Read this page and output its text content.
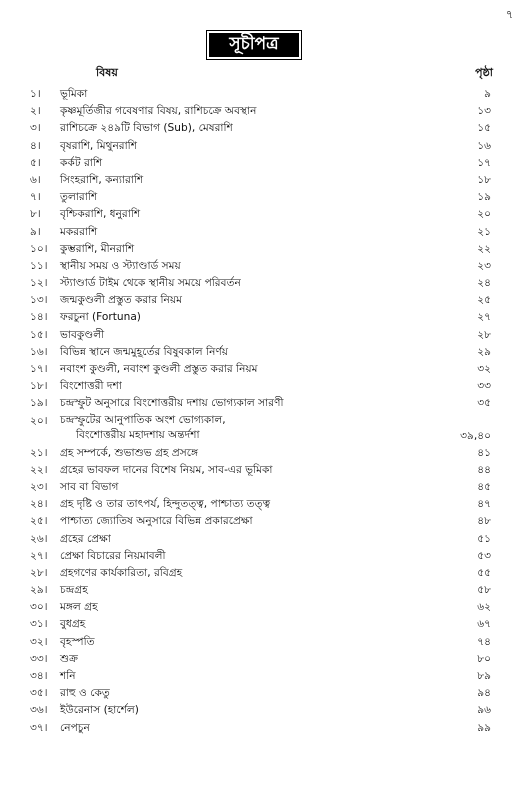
৭
সূচীপত্র
বিষয়	পৃষ্ঠা
১।	ভূমিকা	৯
২।	কৃষ্ণমূর্তিজীর গবেষণার বিষয়, রাশিচক্রে অবস্থান	১৩
৩।	রাশিচক্রে ২৪৯টি বিভাগ (Sub), মেষরাশি	১৫
৪।	বৃষরাশি, মিথুনরাশি	১৬
৫।	কর্কট রাশি	১৭
৬।	সিংহরাশি, কন্যারাশি	১৮
৭।	তুলারাশি	১৯
৮।	বৃশ্চিকরাশি, ধনুরাশি	২০
৯।	মকররাশি	২১
১০।	কুম্ভরাশি, মীনরাশি	২২
১১।	স্থানীয় সময় ও স্ট্যাণ্ডার্ড সময়	২৩
১২।	স্ট্যাণ্ডার্ড টাইম থেকে স্থানীয় সময়ে পরিবর্তন	২৪
১৩।	জন্মকুণ্ডলী প্রস্তুত করার নিয়ম	২৫
১৪।	ফরচুনা (Fortuna)	২৭
১৫।	ভাবকুণ্ডলী	২৮
১৬।	বিভিন্ন স্থানে জন্মমুহূর্তের বিষুবকাল নির্ণয়	২৯
১৭।	নবাংশ কুণ্ডলী, নবাংশ কুণ্ডলী প্রস্তুত করার নিয়ম	৩২
১৮।	বিংশোত্তরী দশা	৩৩
১৯।	চন্দ্রস্ফুট অনুসারে বিংশোত্তরীয় দশায় ভোগ্যকাল সারণী	৩৫
২০।	চন্দ্রস্ফুটের আনুপাতিক অংশ ভোগ্যকাল,
বিংশোত্তরীয় মহাদশায় অন্তর্দশা	৩৯,৪০
২১।	গ্রহ সম্পর্কে, শুভাশুভ গ্রহ প্রসঙ্গে	৪১
২২।	গ্রহের ভাবফল দানের বিশেষ নিয়ম, সাব-এর ভূমিকা	৪৪
২৩।	সাব বা বিভাগ	৪৫
২৪।	গ্রহ দৃষ্টি ও তার তাৎপর্য, হিন্দুতত্ত্ব, পাশ্চাত্য তত্ত্ব	৪৭
২৫।	পাশ্চাত্য জ্যোতিষ অনুসারে বিভিন্ন প্রকারপ্রেক্ষা	৪৮
২৬।	গ্রহের প্রেক্ষা	৫১
২৭।	প্রেক্ষা বিচারের নিয়মাবলী	৫৩
২৮।	গ্রহগণের কার্যকারিতা, রবিগ্রহ	৫৫
২৯।	চন্দ্রগ্রহ	৫৮
৩০।	মঙ্গল গ্রহ	৬২
৩১।	বুধগ্রহ	৬৭
৩২।	বৃহস্পতি	৭৪
৩৩।	শুক্র	৮০
৩৪।	শনি	৮৯
৩৫।	রাহু ও কেতু	৯৪
৩৬।	ইউরেনাস (হার্শেল)	৯৬
৩৭।	নেপচুন	৯৯
